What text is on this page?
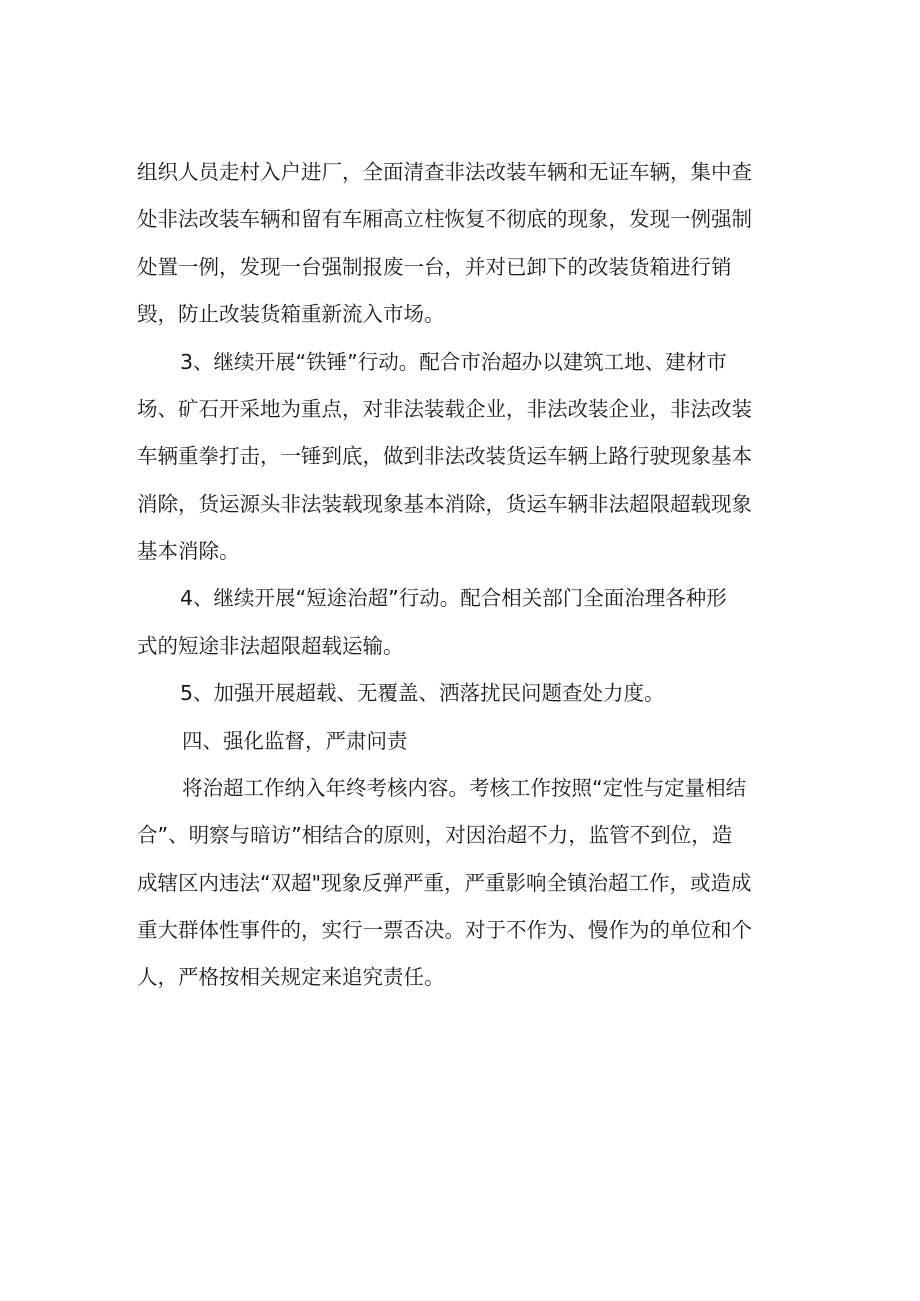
组织人员走村入户进厂，全面清查非法改装车辆和无证车辆，集中查
处非法改装车辆和留有车厢高立柱恢复不彻底的现象，发现一例强制
处置一例，发现一台强制报废一台，并对已卸下的改装货箱进行销
毁，防止改装货箱重新流入市场。
3、继续开展“铁锤”行动。配合市治超办以建筑工地、建材市
场、矿石开采地为重点，对非法装载企业，非法改装企业，非法改装
车辆重拳打击，一锤到底，做到非法改装货运车辆上路行驶现象基本
消除，货运源头非法装载现象基本消除，货运车辆非法超限超载现象
基本消除。
4、继续开展“短途治超”行动。配合相关部门全面治理各种形
式的短途非法超限超载运输。
5、加强开展超载、无覆盖、洒落扰民问题查处力度。
四、强化监督，严肃问责
将治超工作纳入年终考核内容。考核工作按照“定性与定量相结
合”、明察与暗访”相结合的原则，对因治超不力，监管不到位，造
成辖区内违法“双超"现象反弹严重，严重影响全镇治超工作，或造成
重大群体性事件的，实行一票否决。对于不作为、慢作为的单位和个
人，严格按相关规定来追究责任。
